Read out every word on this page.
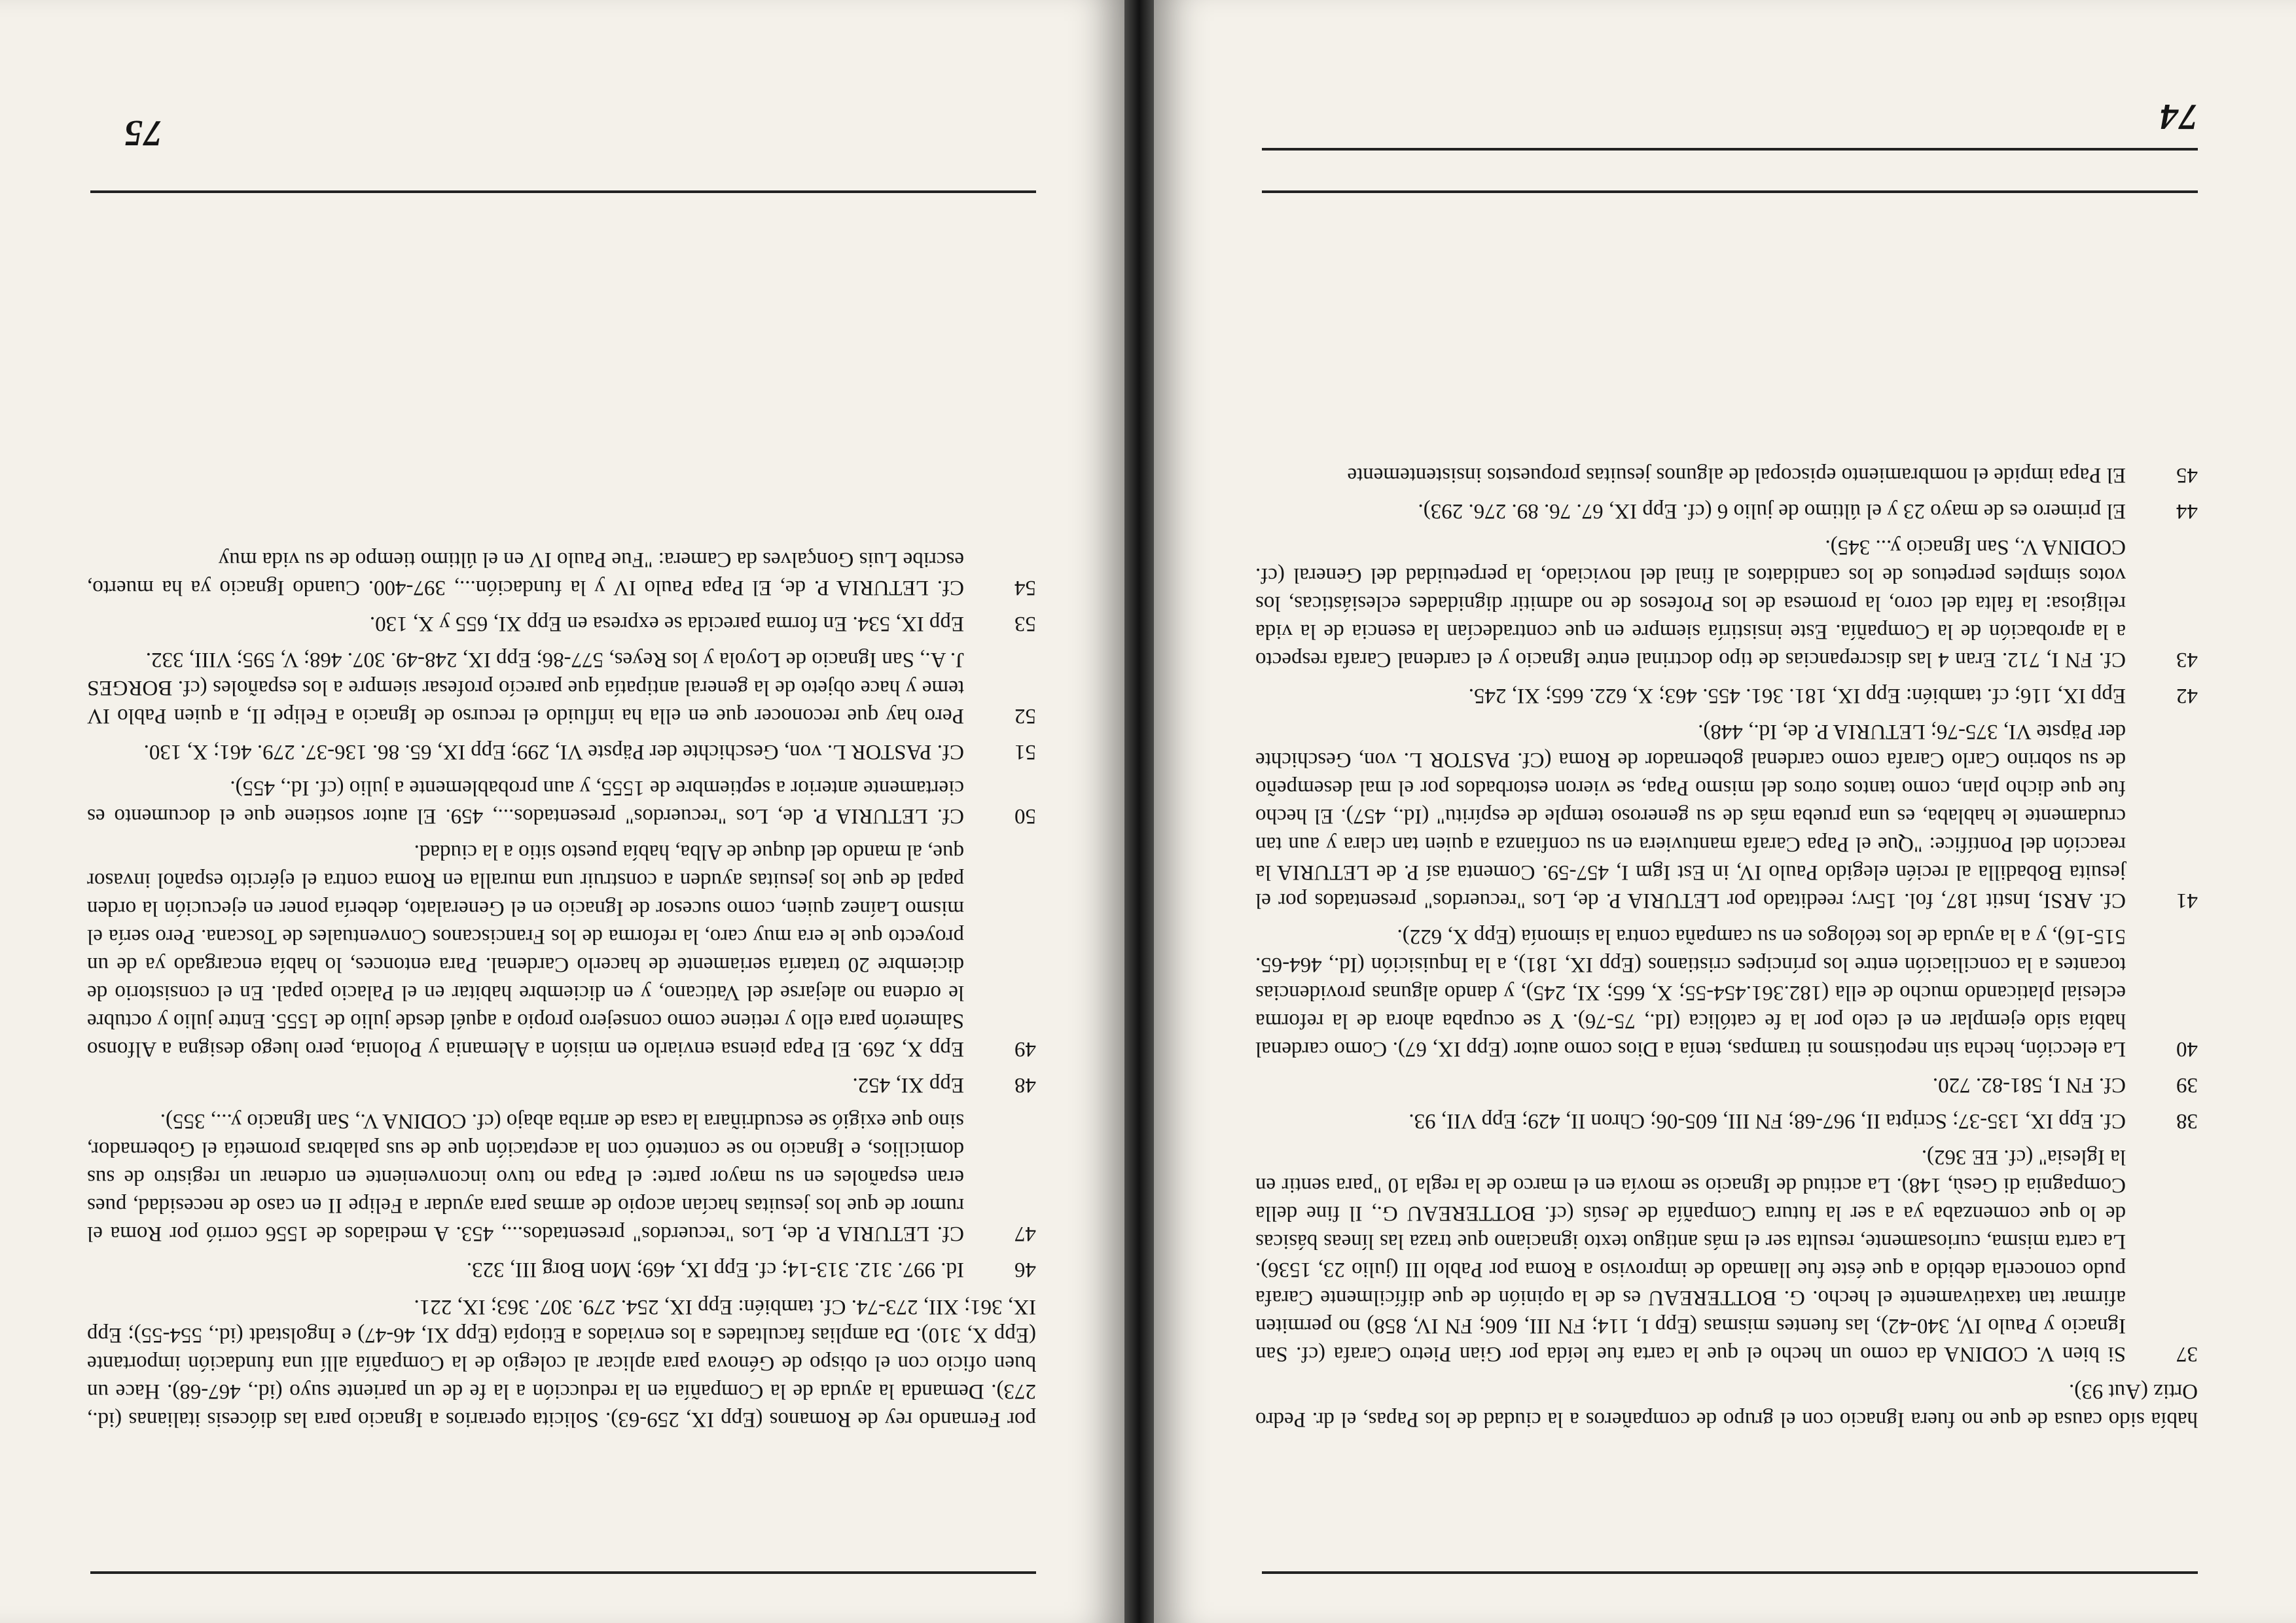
74

había sido causa de que no fuera Ignacio con el grupo de compañeros a la ciudad de los Papas, el dr. Pedro Ortiz (Aut 93).

37
Si bien V. CODINA da como un hecho el que la carta fue leída por Gian Pietro Carafa (cf. San Ignacio y Paulo IV, 340-42), las fuentes mismas (Epp I, 114; FN III, 606; FN IV, 858) no permiten afirmar tan taxativamente el hecho. G. BOTTEREAU es de la opinión de que difícilmente Carafa pudo conocerla debido a que éste fue llamado de improviso a Roma por Pablo III (julio 23, 1536). La carta misma, curiosamente, resulta ser el más antiguo texto ignaciano que traza las líneas básicas de lo que comenzaba ya a ser la futura Compañía de Jesús (cf. BOTTEREAU G., Il fine della Compagnia di Gesù, 148). La actitud de Ignacio se movía en el marco de la regla 10 "para sentir en la Iglesia" (cf. EE 362).
38
Cf. Epp IX, 135-37; Scripta II, 967-68; FN III, 605-06; Chron II, 429; Epp VII, 93.
39
Cf. FN I, 581-82. 720.
40
La elección, hecha sin nepotismos ni trampas, tenía a Dios como autor (Epp IX, 67). Como cardenal había sido ejemplar en el celo por la fe católica (Id., 75-76). Y se ocupaba ahora de la reforma eclesial platicando mucho de ella (182.361.454-55; X, 665; XI, 245), y dando algunas providencias tocantes a la conciliación entre los príncipes cristianos (Epp IX, 181), a la Inquisición (Id., 464-65. 515-16), y a la ayuda de los teólogos en su campaña contra la simonía (Epp X, 622).
41
Cf. ARSI, Instit 187, fol. 15rv; reeditado por LETURIA P. de, Los "recuerdos" presentados por el jesuita Bobadilla al recién elegido Paulo IV, in Est Igm I, 457-59. Comenta así P. de LETURIA la reacción del Pontífice: "Que el Papa Carafa mantuviera en su confianza a quien tan clara y aun tan crudamente le hablaba, es una prueba más de su generoso temple de espíritu" (Id., 457). El hecho fue que dicho plan, como tantos otros del mismo Papa, se vieron estorbados por el mal desempeño de su sobrino Carlo Carafa como cardenal gobernador de Roma (Cf. PASTOR L. von, Geschichte der Päpste VI, 375-76; LETURIA P. de, Id., 448).
42
Epp IX, 116; cf. también: Epp IX, 181. 361. 455. 463; X, 622. 665; XI, 245.
43
Cf. FN I, 712. Eran 4 las discrepancias de tipo doctrinal entre Ignacio y el cardenal Carafa respecto a la aprobación de la Compañía. Este insistiría siempre en que contradecían la esencia de la vida religiosa: la falta del coro, la promesa de los Profesos de no admitir dignidades eclesiásticas, los votos simples perpetuos de los candidatos al final del noviciado, la perpetuidad del General (cf. CODINA V., San Ignacio y... 345).
44
El primero es de mayo 23 y el último de julio 6 (cf. Epp IX, 67. 76. 89. 276. 293).
45
El Papa impide el nombramiento episcopal de algunos jesuitas propuestos insistentemente
75

por Fernando rey de Romanos (Epp IX, 259-63). Solicita operarios a Ignacio para las diócesis italianas (id., 273). Demanda la ayuda de la Compañía en la reducción a la fe de un pariente suyo (id., 467-68). Hace un buen oficio con el obispo de Génova para aplicar al colegio de la Compañía allí una fundación importante (Epp X, 310). Da amplias facultades a los enviados a Etiopía (Epp XI, 46-47) e Ingolstadt (id., 554-55); Epp IX, 361; XII, 273-74. Cf. también: Epp IX, 254. 279. 307. 363; IX, 221.

46
Id. 997. 312. 313-14; cf. Epp IX, 469; Mon Borg III, 323.
47
Cf. LETURIA P. de, Los "recuerdos" presentados..., 453. A mediados de 1556 corrió por Roma el rumor de que los jesuitas hacían acopio de armas para ayudar a Felipe II en caso de necesidad, pues eran españoles en su mayor parte: el Papa no tuvo inconveniente en ordenar un registro de sus domicilios, e Ignacio no se contentó con la aceptación que de sus palabras prometía el Gobernador, sino que exigió se escudriñara la casa de arriba abajo (cf. CODINA V., San Ignacio y..., 355).
48
Epp XI, 452.
49
Epp X, 269. El Papa piensa enviarlo en misión a Alemania y Polonia, pero luego designa a Alfonso Salmerón para ello y retiene como consejero propio a aquél desde julio de 1555. Entre julio y octubre le ordena no alejarse del Vaticano, y en diciembre habitar en el Palacio papal. En el consistorio de diciembre 20 trataría seriamente de hacerlo Cardenal. Para entonces, lo había encargado ya de un proyecto que le era muy caro, la reforma de los Franciscanos Conventuales de Toscana. Pero sería el mismo Laínez quien, como sucesor de Ignacio en el Generalato, debería poner en ejecución la orden papal de que los jesuitas ayuden a construir una muralla en Roma contra el ejército español invasor que, al mando del duque de Alba, había puesto sitio a la ciudad.
50
Cf. LETURIA P. de, Los "recuerdos" presentados..., 459. El autor sostiene que el documento es ciertamente anterior a septiembre de 1555, y aun probablemente a julio (cf. Id., 455).
51
Cf. PASTOR L. von, Geschichte der Päpste VI, 299; Epp IX, 65. 86. 136-37. 279. 461; X, 130.
52
Pero hay que reconocer que en ella ha influido el recurso de Ignacio a Felipe II, a quien Pablo IV teme y hace objeto de la general antipatía que parecío profesar siempre a los españoles (cf. BORGES J. A., San Ignacio de Loyola y los Reyes, 577-86; Epp IX, 248-49. 307. 468; V, 595; VIII, 332.
53
Epp IX, 534. En forma parecida se expresa en Epp XI, 655 y X, 130.
54
Cf. LETURIA P. de, El Papa Paulo IV y la fundación..., 397-400. Cuando Ignacio ya ha muerto, escribe Luis Gonçalves da Camera: "Fue Paulo IV en el último tiempo de su vida muy
